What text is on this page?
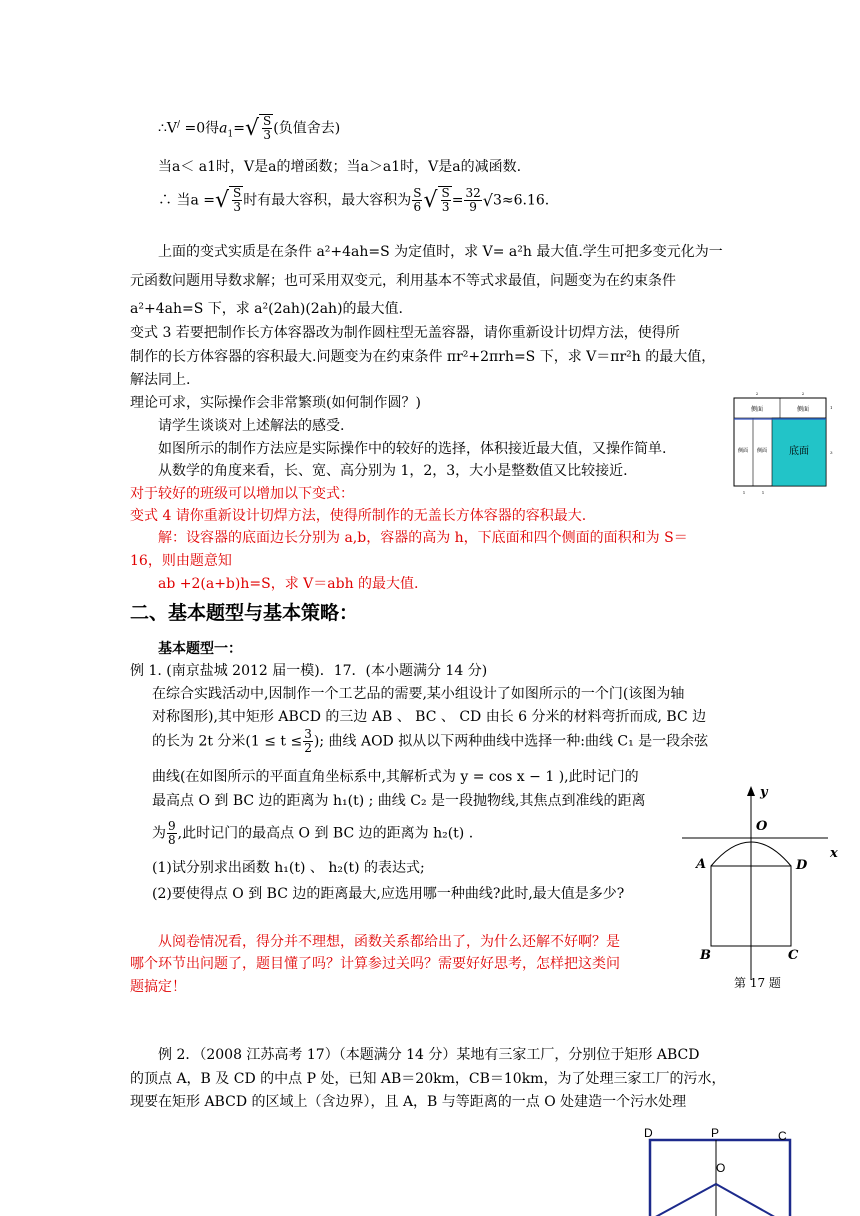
∴V/ =0得$a_1=√ \frac{S}{3}$ (负值舍去)
当a＜ a1时，V是a的增函数；当a＞a1时，V是a的减函数.
∴ 当a =√ $\frac{S}{3}$ 时有最大容积，最大容积为 $\frac{S}{6}$ √ $\frac{S}{3} = \frac{32}{9} √3\approx 6.16$.
上面的变式实质是在条件 a²+4ah=S 为定值时，求 V= a²h 最大值.学生可把多变元化为一
元函数问题用导数求解；也可采用双变元，利用基本不等式求最值，问题变为在约束条件
a²+4ah=S 下，求 a²(2ah)(2ah)的最大值.
变式 3 若要把制作长方体容器改为制作圆柱型无盖容器，请你重新设计切焊方法，使得所
制作的长方体容器的容积最大.问题变为在约束条件 πr²+2πrh=S 下，求 V＝πr²h 的最大值，
解法同上.
理论可求，实际操作会非常繁琐(如何制作圆？)
请学生谈谈对上述解法的感受.
如图所示的制作方法应是实际操作中的较好的选择，体积接近最大值，又操作简单.
从数学的角度来看，长、宽、高分别为 1，2，3，大小是整数值又比较接近.
2	2
1
3
1	1
侧面	侧面
侧面 侧面 底面
对于较好的班级可以增加以下变式：
变式 4 请你重新设计切焊方法，使得所制作的无盖长方体容器的容积最大.
解：设容器的底面边长分别为 a,b，容器的高为 h，下底面和四个侧面的面积和为 S＝
16，则由题意知
ab +2(a+b)h=S，求 V＝abh 的最大值.
二、基本题型与基本策略：
基本题型一：
例 1. (南京盐城 2012 届一模)．17．(本小题满分 14 分)
在综合实践活动中,因制作一个工艺品的需要,某小组设计了如图所示的一个门(该图为轴
对称图形),其中矩形 ABCD 的三边 AB 、 BC 、 CD 由长 6 分米的材料弯折而成, BC 边
的长为 2t 分米($1 \le t \le \frac{3}{2}$ ); 曲线 AOD 拟从以下两种曲线中选择一种:曲线 C₁ 是一段余弦
曲线(在如图所示的平面直角坐标系中,其解析式为 y = cos x − 1 ),此时记门的
最高点 O 到 BC 边的距离为 h₁(t) ; 曲线 C₂ 是一段抛物线,其焦点到准线的距离
为 $\frac{9}{8}$ ,此时记门的最高点 O 到 BC 边的距离为 h₂(t) .
(1)试分别求出函数 h₁(t) 、 h₂(t) 的表达式;
(2)要使得点 O 到 BC 边的距离最大,应选用哪一种曲线?此时,最大值是多少?
从阅卷情况看，得分并不理想，函数关系都给出了，为什么还解不好啊？是
哪个环节出问题了，题目懂了吗？计算参过关吗？需要好好思考，怎样把这类问
题搞定！
y
x
O
A	D
B	C
第 17 题
例 2．（2008 江苏高考 17）（本题满分 14 分）某地有三家工厂，分别位于矩形 ABCD
的顶点 A，B 及 CD 的中点 P 处，已知 AB＝20km，CB＝10km，为了处理三家工厂的污水，
现要在矩形 ABCD 的区域上（含边界），且 A，B 与等距离的一点 O 处建造一个污水处理
D	P	C
O
